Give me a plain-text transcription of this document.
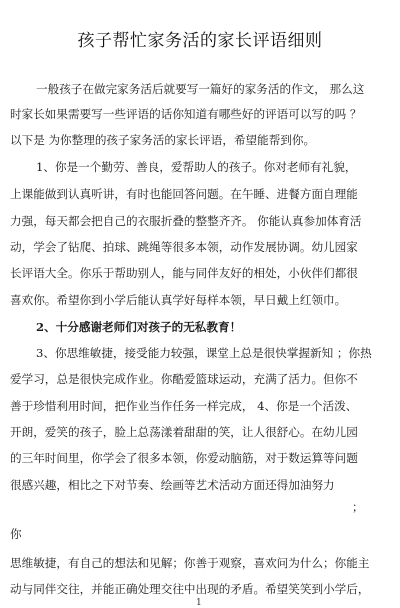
孩子帮忙家务活的家长评语细则
一般孩子在做完家务活后就要写一篇好的家务活的作文， 那么这
时家长如果需要写一些评语的话你知道有哪些好的评语可以写的吗 ？
以下是 为你整理的孩子家务活的家长评语，希望能帮到你。
1、你是一个勤劳、善良，爱帮助人的孩子。你对老师有礼貌，
上课能做到认真听讲，有时也能回答问题。在午睡、进餐方面自理能
力强，每天都会把自己的衣服折叠的整整齐齐。 你能认真参加体育活
动，学会了钻爬、拍球、跳绳等很多本领，动作发展协调。幼儿园家
长评语大全。你乐于帮助别人，能与同伴友好的相处，小伙伴们都很
喜欢你。希望你到小学后能认真学好每样本领，早日戴上红领巾。
2、十分感谢老师们对孩子的无私教育！
3、你思维敏捷，接受能力较强，课堂上总是很快掌握新知 ；你热
爱学习，总是很快完成作业。你酷爱篮球运动，充满了活力。但你不
善于珍惜利用时间，把作业当作任务一样完成， 4、你是一个活泼、
开朗，爱笑的孩子，脸上总荡漾着甜甜的笑，让人很舒心。在幼儿园
的三年时间里，你学会了很多本领，你爱动脑筋，对于数运算等问题
很感兴趣，相比之下对节奏、绘画等艺术活动方面还得加油努力
；
你
思维敏捷，有自己的想法和见解；你善于观察，喜欢问为什么；你能主
动与同伴交往，并能正确处理交往中出现的矛盾。希望笑笑到小学后，
1
